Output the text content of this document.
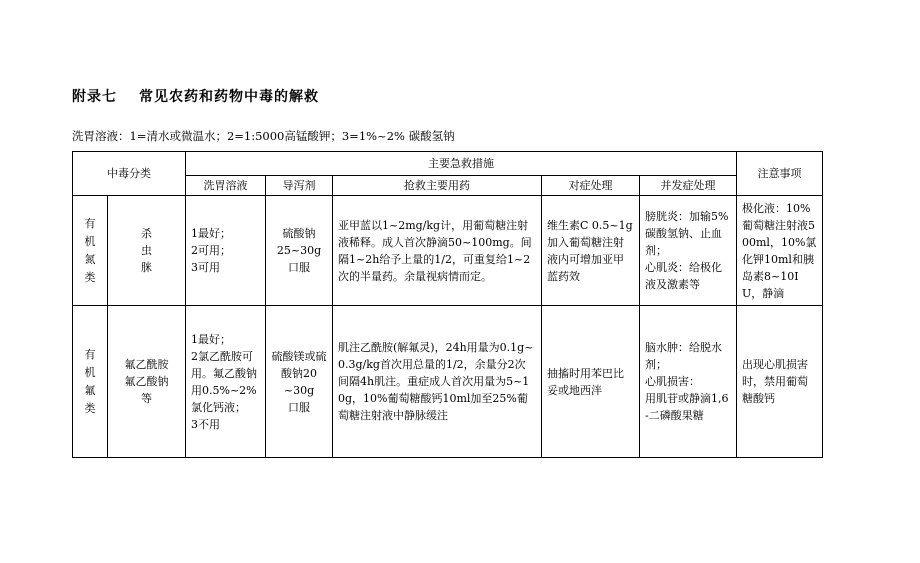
附录七 常见农药和药物中毒的解救
洗胃溶液：1=清水或微温水；2=1:5000高锰酸钾；3=1%~2% 碳酸氢钠
中毒分类		主要急救措施					注意事项
		洗胃溶液	导泻剂	抢救主要用药	对症处理	并发症处理	
有
机
氮
类	杀
虫
脒	1最好；
2可用；
3可用	硫酸钠
25~30g
口服	亚甲蓝以1~2mg/kg计，用葡萄糖注射液稀释。成人首次静滴50~100mg。间隔1~2h给予上量的1/2，可重复给1~2次的半量药。余量视病情而定。	维生素C 0.5~1g加入葡萄糖注射液内可增加亚甲蓝药效	膀胱炎：加输5%碳酸氢钠、止血剂；
心肌炎：给极化液及激素等	极化液：10%葡萄糖注射液500ml，10%氯化钾10ml和胰岛素8~10IU，静滴
有
机
氟
类	氟乙酰胺
氟乙酸钠
等	1最好；
2氯乙酰胺可用。氟乙酸钠用0.5%~2%氯化钙液；
3不用	硫酸镁或硫酸钠20
~30g
口服	肌注乙酰胺(解氟灵)，24h用量为0.1g~0.3g/kg首次用总量的1/2，余量分2次间隔4h肌注。重症成人首次用量为5~10g，10%葡萄糖酸钙10ml加至25%葡萄糖注射液中静脉缓注	抽搐时用苯巴比妥或地西泮	脑水肿：给脱水剂；
心肌损害：
用肌苷或静滴1,6-二磷酸果糖	出现心肌损害时，禁用葡萄糖酸钙
